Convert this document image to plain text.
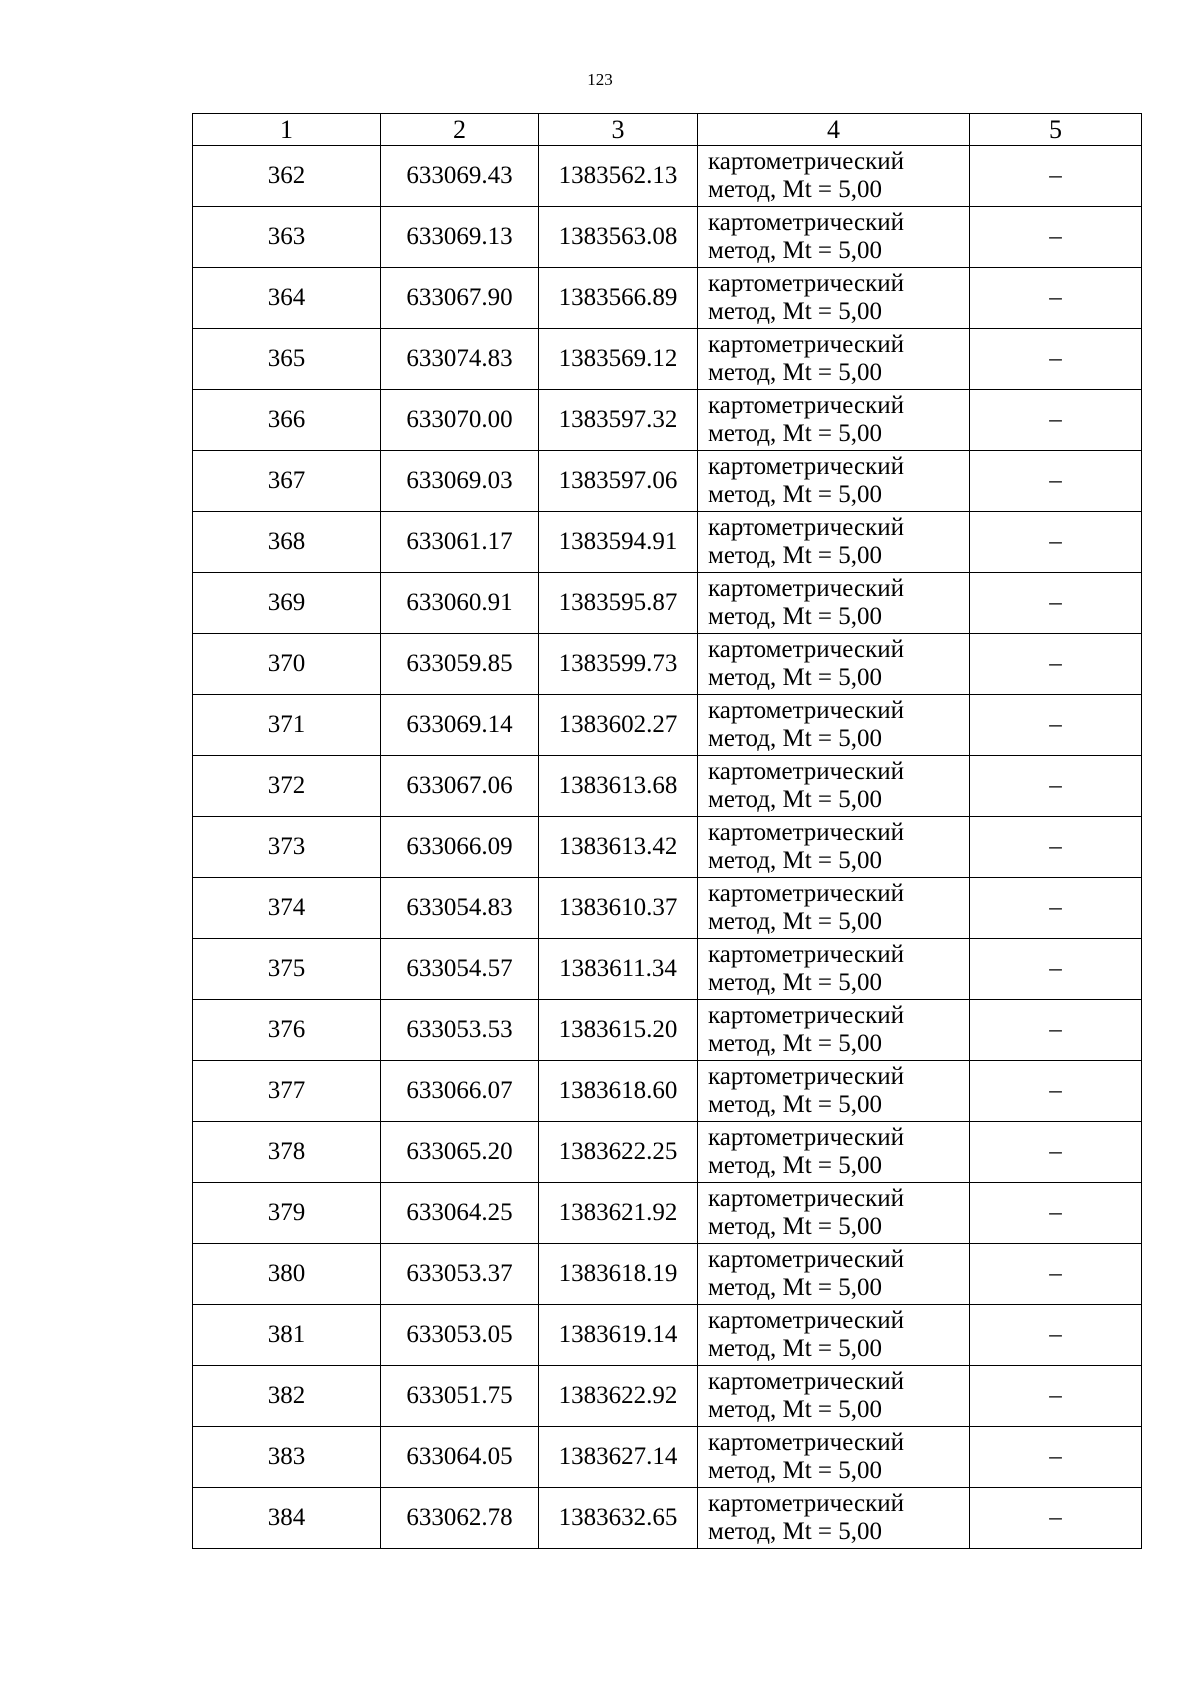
123
1	2	3	4	5
362	633069.43	1383562.13	картометрический
метод, Mt = 5,00	–
363	633069.13	1383563.08	картометрический
метод, Mt = 5,00	–
364	633067.90	1383566.89	картометрический
метод, Mt = 5,00	–
365	633074.83	1383569.12	картометрический
метод, Mt = 5,00	–
366	633070.00	1383597.32	картометрический
метод, Mt = 5,00	–
367	633069.03	1383597.06	картометрический
метод, Mt = 5,00	–
368	633061.17	1383594.91	картометрический
метод, Mt = 5,00	–
369	633060.91	1383595.87	картометрический
метод, Mt = 5,00	–
370	633059.85	1383599.73	картометрический
метод, Mt = 5,00	–
371	633069.14	1383602.27	картометрический
метод, Mt = 5,00	–
372	633067.06	1383613.68	картометрический
метод, Mt = 5,00	–
373	633066.09	1383613.42	картометрический
метод, Mt = 5,00	–
374	633054.83	1383610.37	картометрический
метод, Mt = 5,00	–
375	633054.57	1383611.34	картометрический
метод, Mt = 5,00	–
376	633053.53	1383615.20	картометрический
метод, Mt = 5,00	–
377	633066.07	1383618.60	картометрический
метод, Mt = 5,00	–
378	633065.20	1383622.25	картометрический
метод, Mt = 5,00	–
379	633064.25	1383621.92	картометрический
метод, Mt = 5,00	–
380	633053.37	1383618.19	картометрический
метод, Mt = 5,00	–
381	633053.05	1383619.14	картометрический
метод, Mt = 5,00	–
382	633051.75	1383622.92	картометрический
метод, Mt = 5,00	–
383	633064.05	1383627.14	картометрический
метод, Mt = 5,00	–
384	633062.78	1383632.65	картометрический
метод, Mt = 5,00	–
